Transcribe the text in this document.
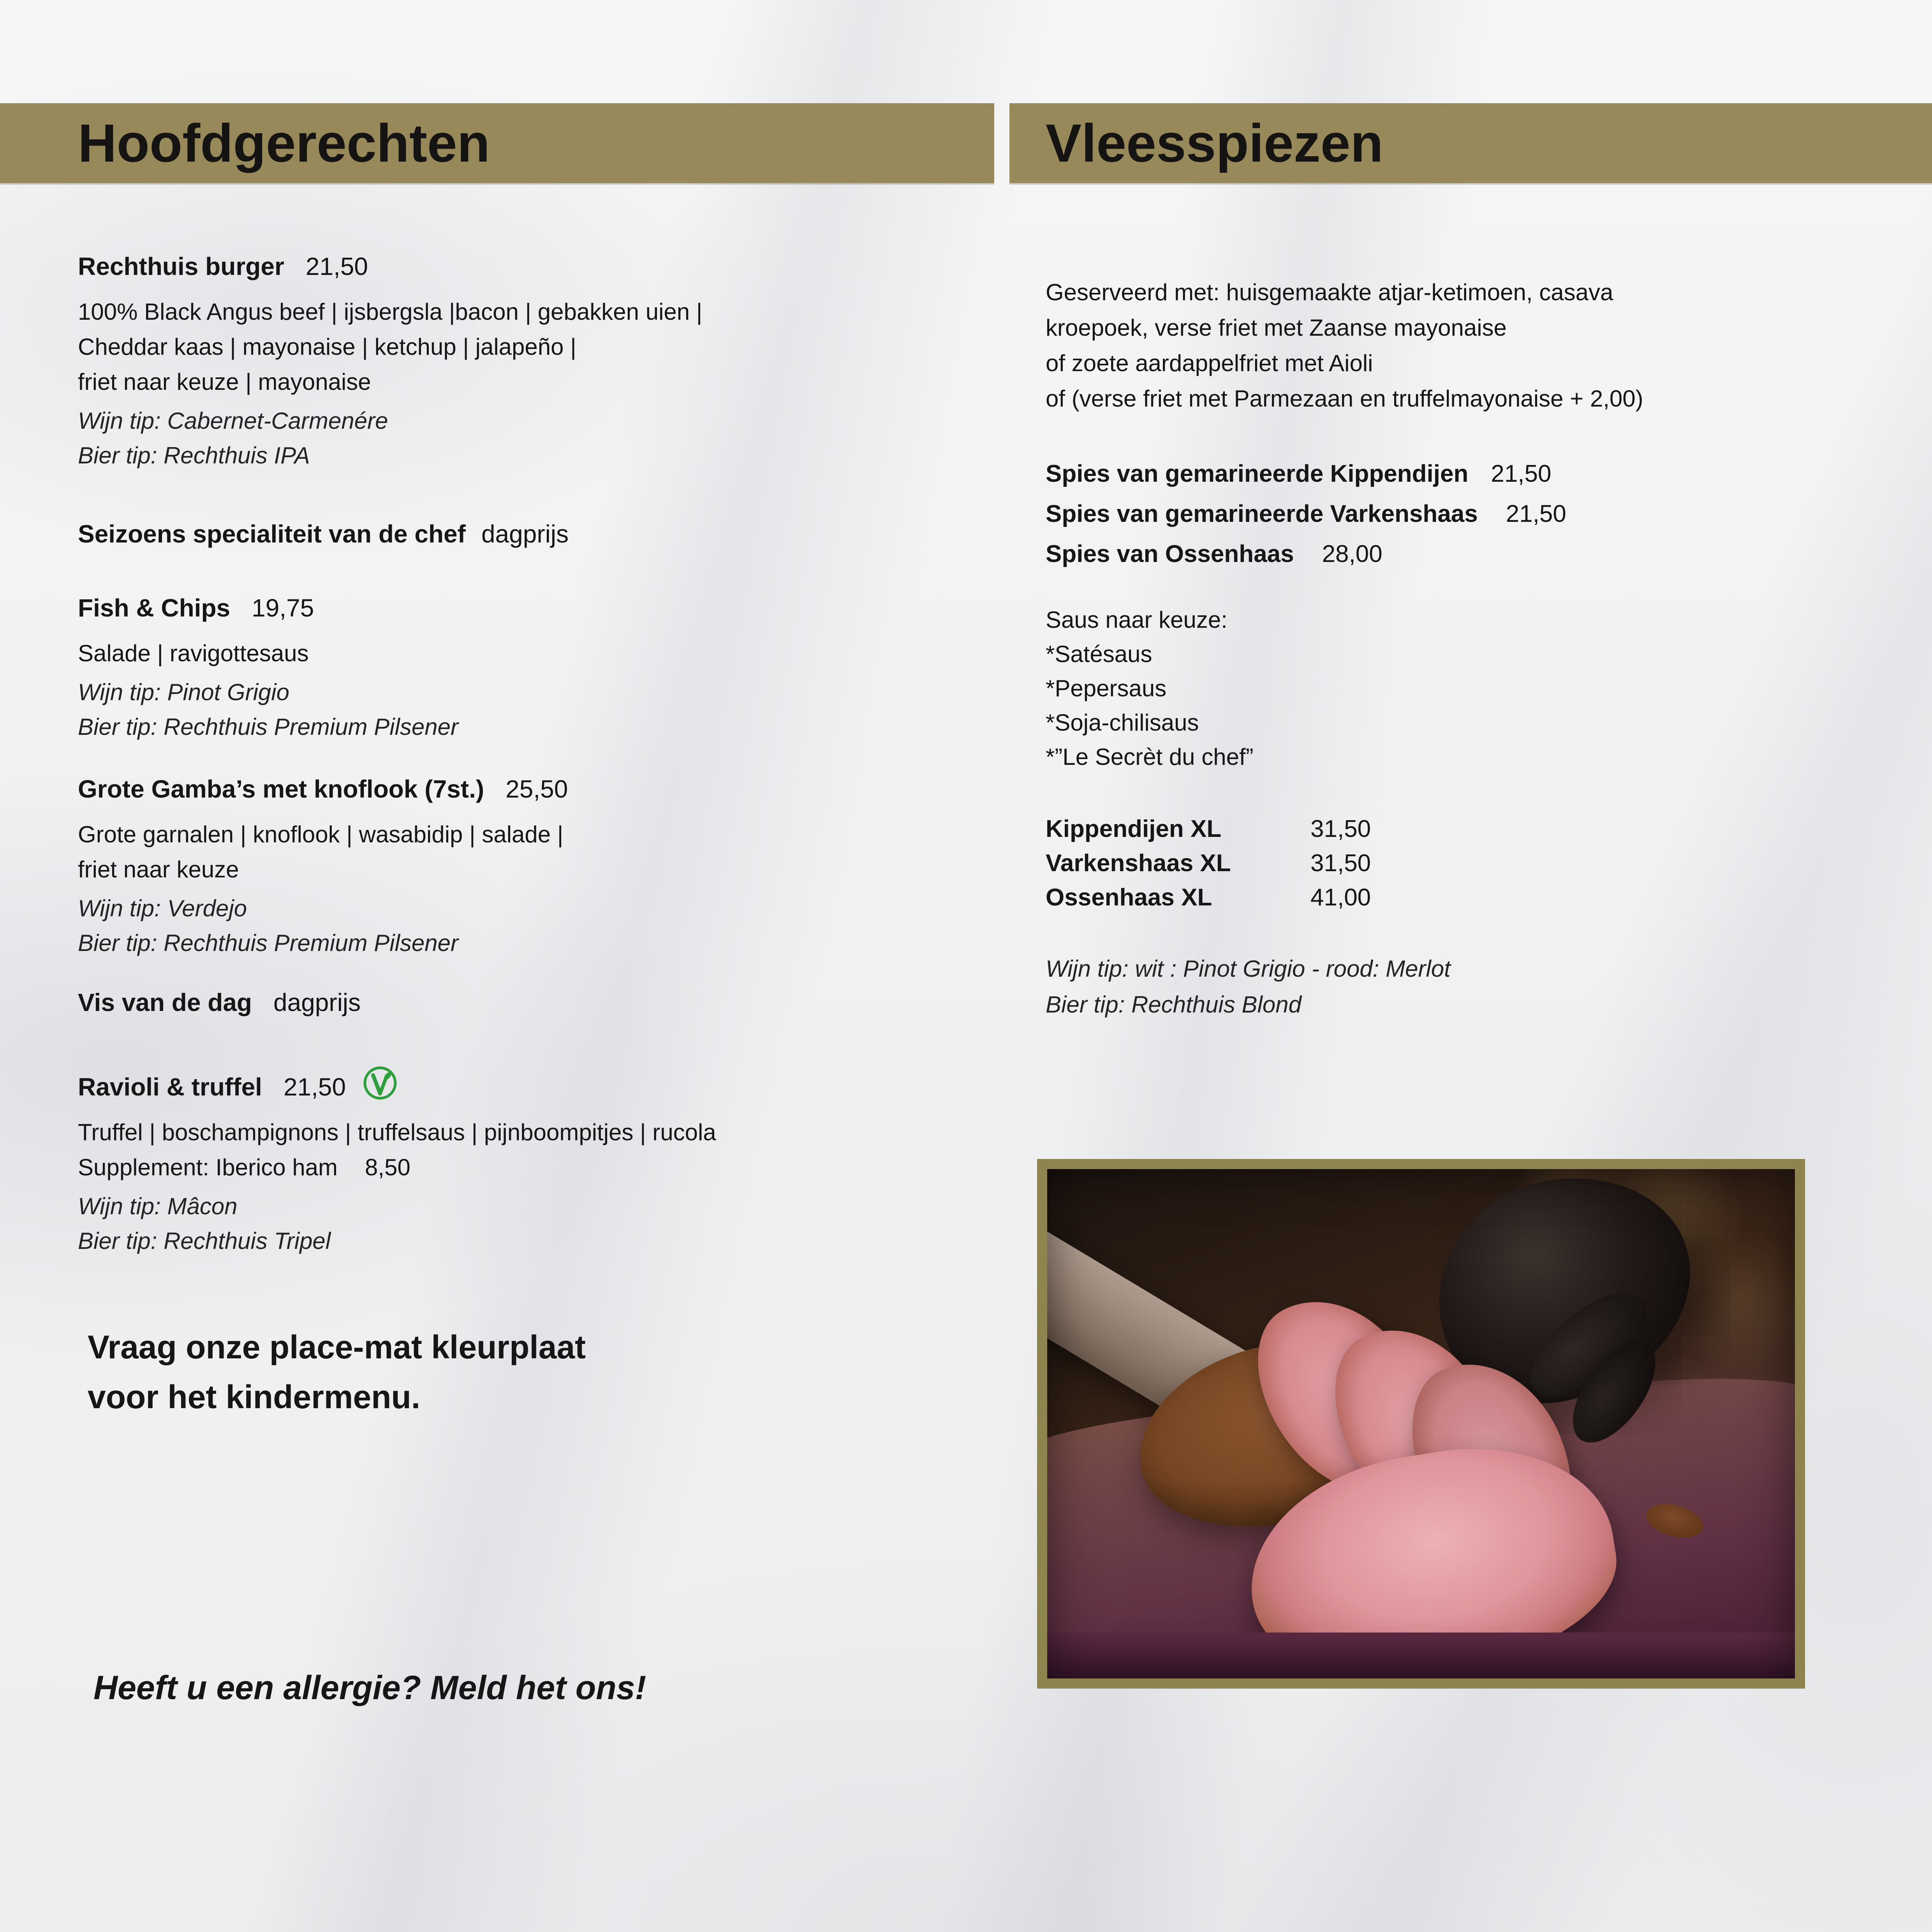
Hoofdgerechten	Vleesspiezen
Rechthuis burger 21,50
100% Black Angus beef | ijsbergsla |bacon | gebakken uien |
Cheddar kaas | mayonaise | ketchup | jalapeño |
friet naar keuze | mayonaise
Wijn tip: Cabernet-Carmenére
Bier tip: Rechthuis IPA
Seizoens specialiteit van de chef dagprijs
Fish & Chips 19,75
Salade | ravigottesaus
Wijn tip: Pinot Grigio
Bier tip: Rechthuis Premium Pilsener
Grote Gamba’s met knoflook (7st.) 25,50
Grote garnalen | knoflook | wasabidip | salade |
friet naar keuze
Wijn tip: Verdejo
Bier tip: Rechthuis Premium Pilsener
Vis van de dag dagprijs
Ravioli & truffel 21,50
Truffel | boschampignons | truffelsaus | pijnboompitjes | rucola
Supplement: Iberico ham 8,50
Wijn tip: Mâcon
Bier tip: Rechthuis Tripel
Vraag onze place-mat kleurplaat
voor het kindermenu.
Heeft u een allergie? Meld het ons!
Geserveerd met: huisgemaakte atjar-ketimoen, casava
kroepoek, verse friet met Zaanse mayonaise
of zoete aardappelfriet met Aioli
of (verse friet met Parmezaan en truffelmayonaise + 2,00)
Spies van gemarineerde Kippendijen 21,50
Spies van gemarineerde Varkenshaas 21,50
Spies van Ossenhaas 28,00
Saus naar keuze:
*Satésaus
*Pepersaus
*Soja-chilisaus
*”Le Secrèt du chef”
Kippendijen XL	31,50
Varkenshaas XL	31,50
Ossenhaas XL	41,00
Wijn tip: wit : Pinot Grigio - rood: Merlot
Bier tip: Rechthuis Blond
